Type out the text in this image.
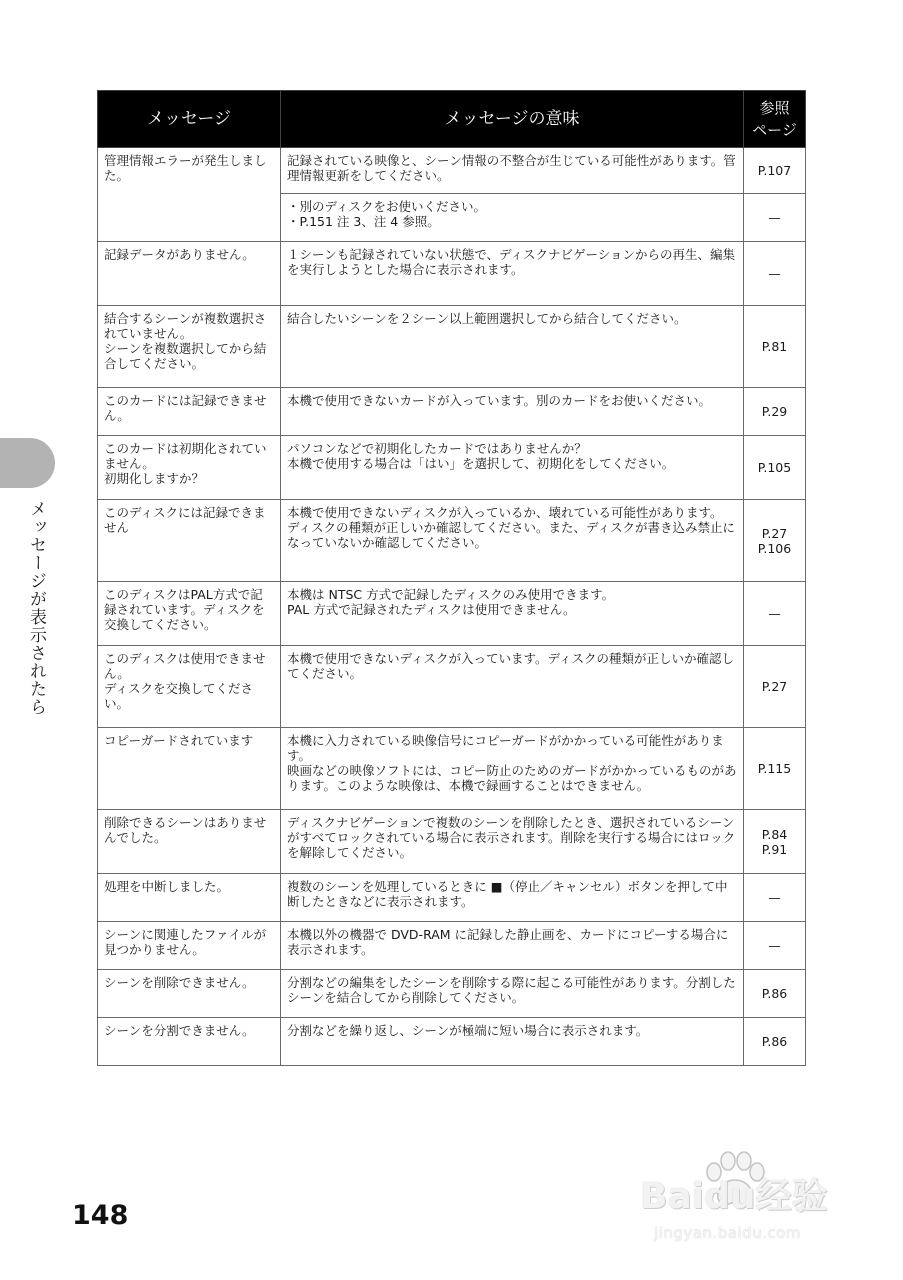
メッセージ	メッセージの意味	参照
ページ

管理情報エラーが発生しました。	記録されている映像と、シーン情報の不整合が生じている可能性があります。管理情報更新をしてください。	P.107

	・別のディスクをお使いください。
・P.151 注 3、注 4 参照。	—

記録データがありません。	１シーンも記録されていない状態で、ディスクナビゲーションからの再生、編集を実行しようとした場合に表示されます。	—

結合するシーンが複数選択されていません。
シーンを複数選択してから結合してください。	結合したいシーンを２シーン以上範囲選択してから結合してください。	P.81

このカードには記録できません。	本機で使用できないカードが入っています。別のカードをお使いください。	P.29

このカードは初期化されていません。
初期化しますか？	パソコンなどで初期化したカードではありませんか？
本機で使用する場合は「はい」を選択して、初期化をしてください。	P.105

このディスクには記録できません	本機で使用できないディスクが入っているか、壊れている可能性があります。
ディスクの種類が正しいか確認してください。また、ディスクが書き込み禁止になっていないか確認してください。	P.27
P.106

このディスクはPAL方式で記録されています。ディスクを交換してください。	本機は NTSC 方式で記録したディスクのみ使用できます。
PAL 方式で記録されたディスクは使用できません。	—

このディスクは使用できません。
ディスクを交換してください。	本機で使用できないディスクが入っています。ディスクの種類が正しいか確認してください。	P.27

コピーガードされています	本機に入力されている映像信号にコピーガードがかかっている可能性があります。
映画などの映像ソフトには、コピー防止のためのガードがかかっているものがあります。このような映像は、本機で録画することはできません。	P.115

削除できるシーンはありませんでした。	ディスクナビゲーションで複数のシーンを削除したとき、選択されているシーンがすべてロックされている場合に表示されます。削除を実行する場合にはロックを解除してください。	P.84
P.91

処理を中断しました。	複数のシーンを処理しているときに ■（停止／キャンセル）ボタンを押して中断したときなどに表示されます。	—

シーンに関連したファイルが見つかりません。	本機以外の機器で DVD-RAM に記録した静止画を、カードにコピーする場合に表示されます。	—

シーンを削除できません。	分割などの編集をしたシーンを削除する際に起こる可能性があります。分割したシーンを結合してから削除してください。	P.86

シーンを分割できません。	分割などを繰り返し、シーンが極端に短い場合に表示されます。	P.86
メッセージが表示されたら
148	Baidu经验
jingyan.baidu.com
